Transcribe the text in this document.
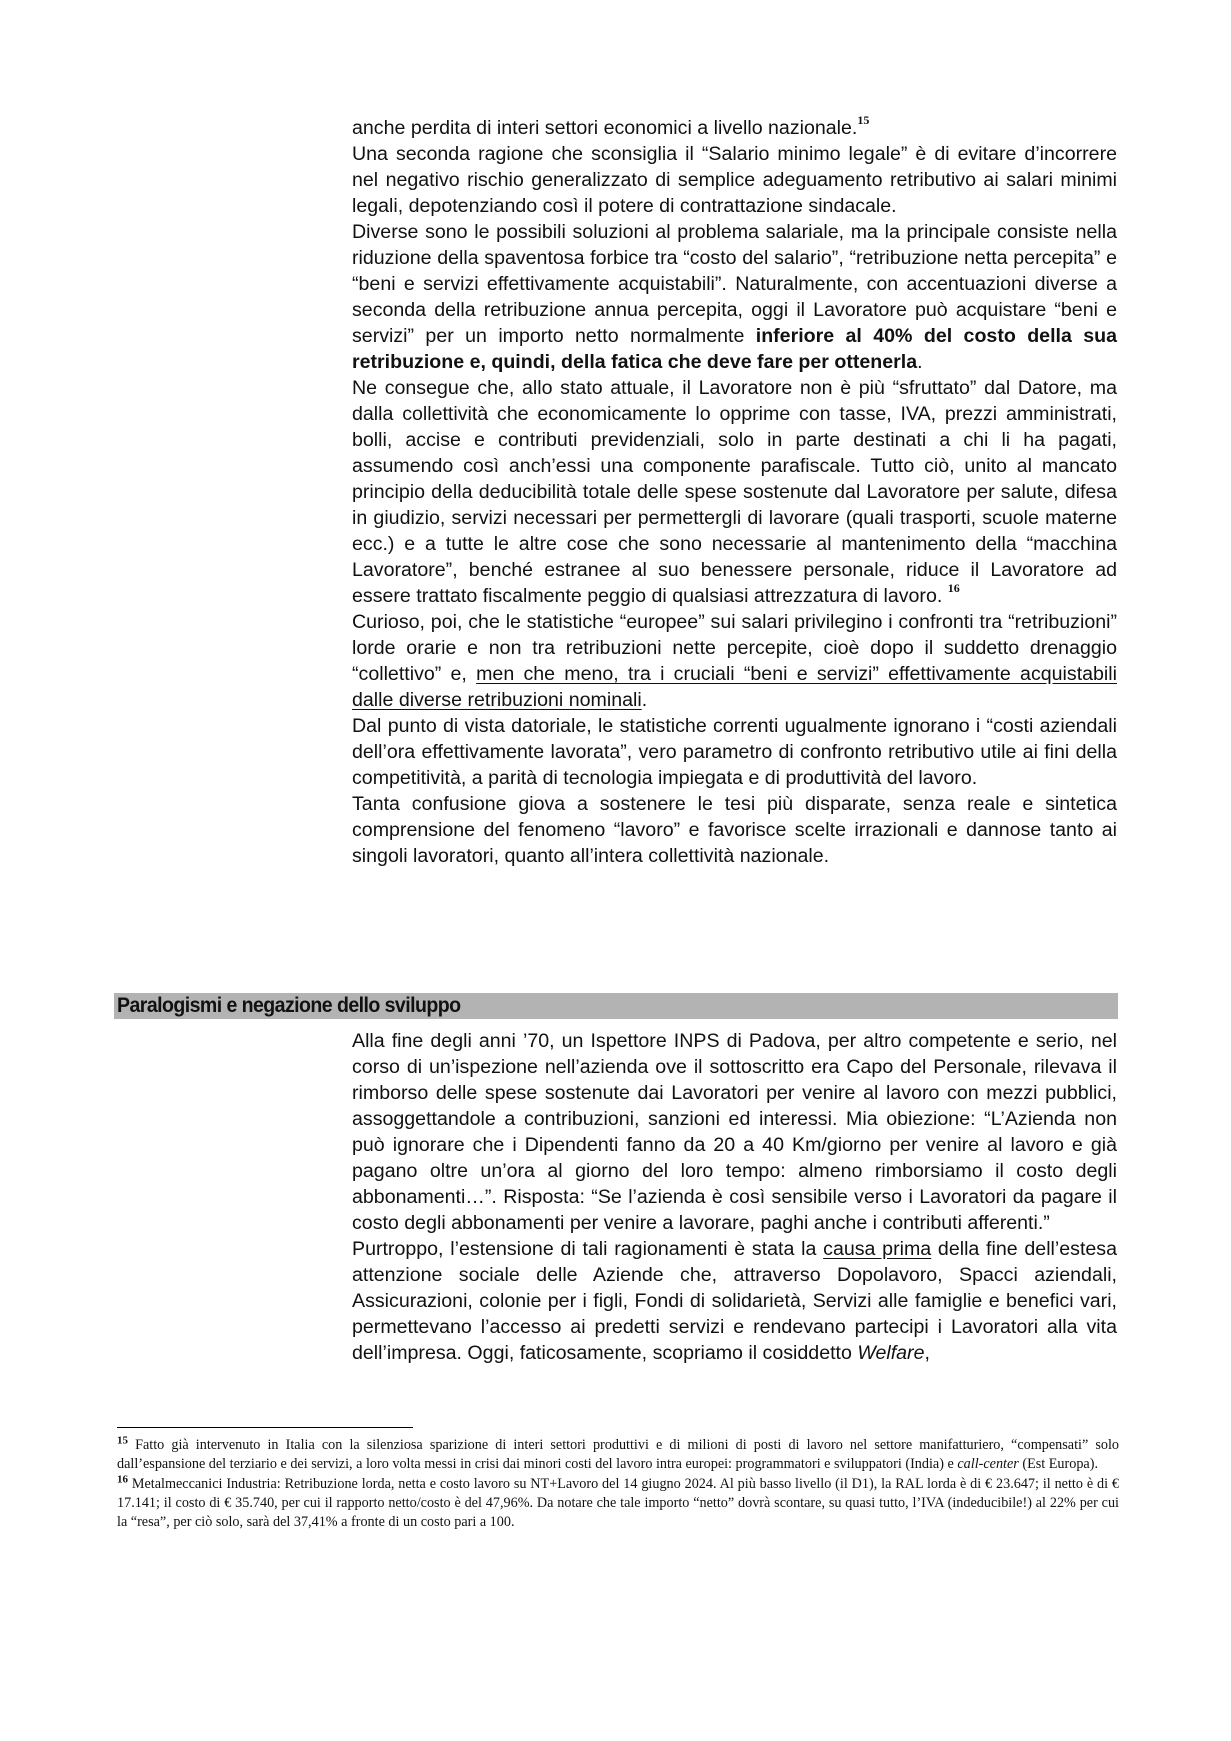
anche perdita di interi settori economici a livello nazionale.$^{15}$

Una seconda ragione che sconsiglia il “Salario minimo legale” è di evitare d’incorrere nel negativo rischio generalizzato di semplice adeguamento retributivo ai salari minimi legali, depotenziando così il potere di contrattazione sindacale.

Diverse sono le possibili soluzioni al problema salariale, ma la principale consiste nella riduzione della spaventosa forbice tra “costo del salario”, “retribuzione netta percepita” e “beni e servizi effettivamente acquistabili”. Naturalmente, con accentuazioni diverse a seconda della retribuzione annua percepita, oggi il Lavoratore può acquistare “beni e servizi” per un importo netto normalmente inferiore al 40% del costo della sua retribuzione e, quindi, della fatica che deve fare per ottenerla.

Ne consegue che, allo stato attuale, il Lavoratore non è più “sfruttato” dal Datore, ma dalla collettività che economicamente lo opprime con tasse, IVA, prezzi amministrati, bolli, accise e contributi previdenziali, solo in parte destinati a chi li ha pagati, assumendo così anch’essi una componente parafiscale. Tutto ciò, unito al mancato principio della deducibilità totale delle spese sostenute dal Lavoratore per salute, difesa in giudizio, servizi necessari per permettergli di lavorare (quali trasporti, scuole materne ecc.) e a tutte le altre cose che sono necessarie al mantenimento della “macchina Lavoratore”, benché estranee al suo benessere personale, riduce il Lavoratore ad essere trattato fiscalmente peggio di qualsiasi attrezzatura di lavoro. $^{16}$

Curioso, poi, che le statistiche “europee” sui salari privilegino i confronti tra “retribuzioni” lorde orarie e non tra retribuzioni nette percepite, cioè dopo il suddetto drenaggio “collettivo” e, men che meno, tra i cruciali “beni e servizi” effettivamente acquistabili dalle diverse retribuzioni nominali.

Dal punto di vista datoriale, le statistiche correnti ugualmente ignorano i “costi aziendali dell’ora effettivamente lavorata”, vero parametro di confronto retributivo utile ai fini della competitività, a parità di tecnologia impiegata e di produttività del lavoro.

Tanta confusione giova a sostenere le tesi più disparate, senza reale e sintetica comprensione del fenomeno “lavoro” e favorisce scelte irrazionali e dannose tanto ai singoli lavoratori, quanto all’intera collettività nazionale.

Paralogismi e negazione dello sviluppo

Alla fine degli anni ’70, un Ispettore INPS di Padova, per altro competente e serio, nel corso di un’ispezione nell’azienda ove il sottoscritto era Capo del Personale, rilevava il rimborso delle spese sostenute dai Lavoratori per venire al lavoro con mezzi pubblici, assoggettandole a contribuzioni, sanzioni ed interessi. Mia obiezione: “L’Azienda non può ignorare che i Dipendenti fanno da 20 a 40 Km/giorno per venire al lavoro e già pagano oltre un’ora al giorno del loro tempo: almeno rimborsiamo il costo degli abbonamenti…”. Risposta: “Se l’azienda è così sensibile verso i Lavoratori da pagare il costo degli abbonamenti per venire a lavorare, paghi anche i contributi afferenti.”

Purtroppo, l’estensione di tali ragionamenti è stata la causa prima della fine dell’estesa attenzione sociale delle Aziende che, attraverso Dopolavoro, Spacci aziendali, Assicurazioni, colonie per i figli, Fondi di solidarietà, Servizi alle famiglie e benefici vari, permettevano l’accesso ai predetti servizi e rendevano partecipi i Lavoratori alla vita dell’impresa. Oggi, faticosamente, scopriamo il cosiddetto Welfare,

$^{15}$ Fatto già intervenuto in Italia con la silenziosa sparizione di interi settori produttivi e di milioni di posti di lavoro nel settore manifatturiero, “compensati” solo dall’espansione del terziario e dei servizi, a loro volta messi in crisi dai minori costi del lavoro intra europei: programmatori e sviluppatori (India) e call-center (Est Europa).

$^{16}$ Metalmeccanici Industria: Retribuzione lorda, netta e costo lavoro su NT+Lavoro del 14 giugno 2024. Al più basso livello (il D1), la RAL lorda è di € 23.647; il netto è di € 17.141; il costo di € 35.740, per cui il rapporto netto/costo è del 47,96%. Da notare che tale importo “netto” dovrà scontare, su quasi tutto, l’IVA (indeducibile!) al 22% per cui la “resa”, per ciò solo, sarà del 37,41% a fronte di un costo pari a 100.
